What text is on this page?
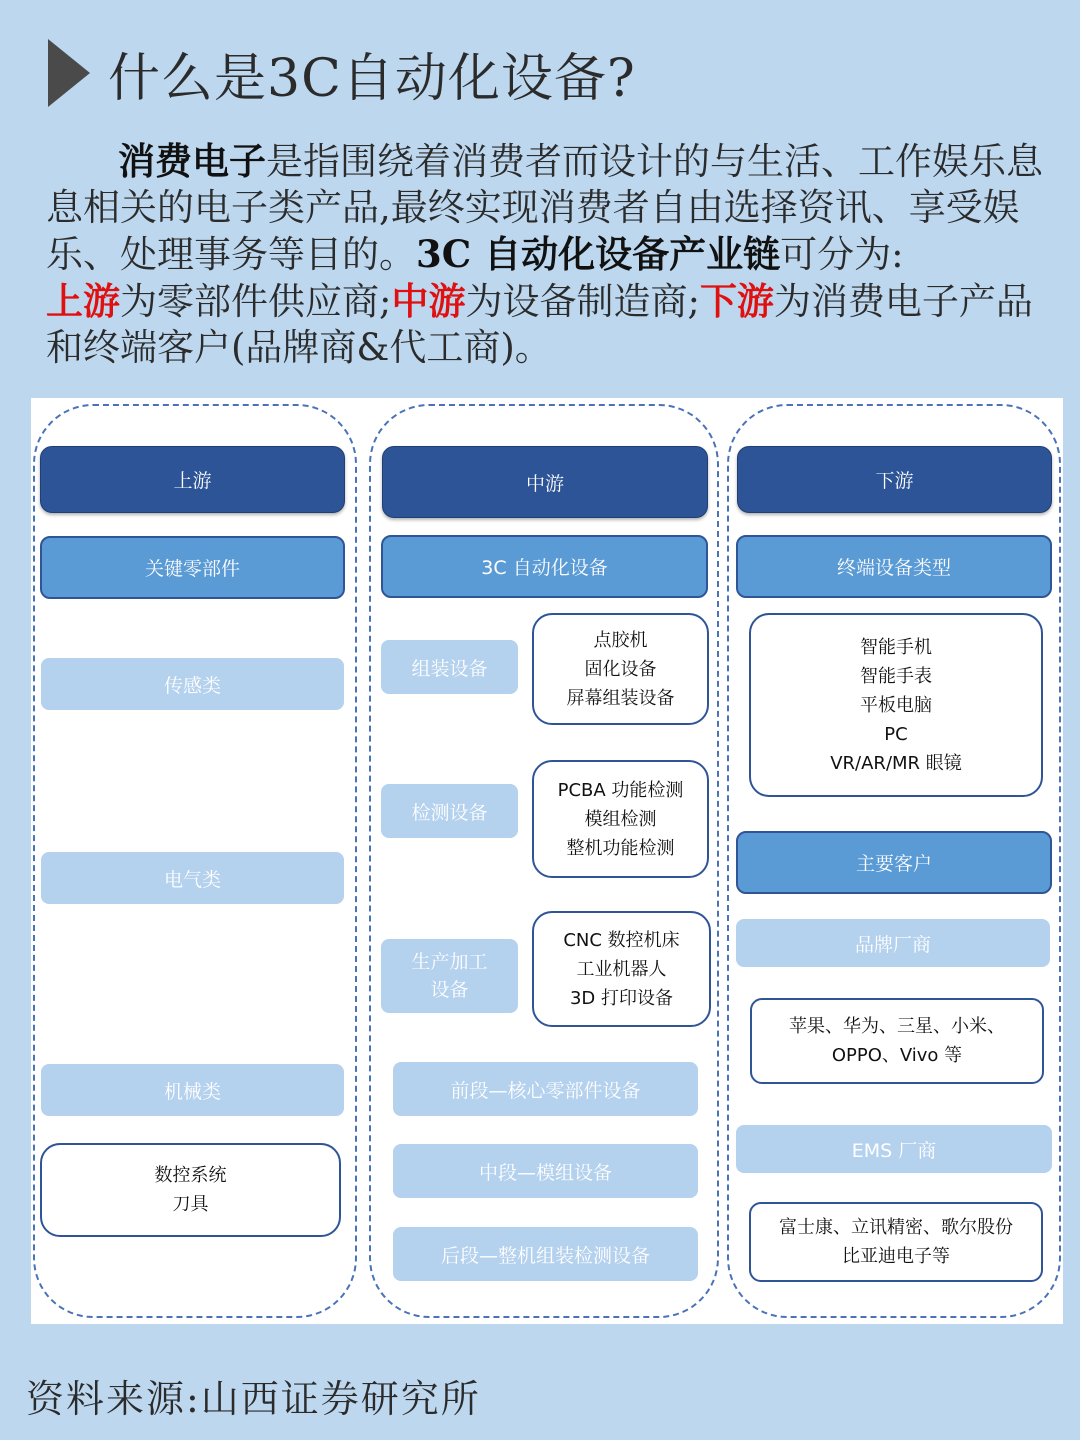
什么是3C自动化设备?
消费电子是指围绕着消费者而设计的与生活、工作娱乐息息相关的电子类产品,最终实现消费者自由选择资讯、享受娱乐、处理事务等目的。3C 自动化设备产业链可分为:
上游为零部件供应商;中游为设备制造商;下游为消费电子产品和终端客户(品牌商&代工商)。
上游
关键零部件
传感类
电气类
机械类
数控系统
刀具
中游
3C 自动化设备
组装设备
点胶机
固化设备
屏幕组装设备
检测设备
PCBA 功能检测
模组检测
整机功能检测
生产加工设备
CNC 数控机床
工业机器人
3D 打印设备
前段—核心零部件设备
中段—模组设备
后段—整机组装检测设备
下游
终端设备类型
智能手机
智能手表
平板电脑
PC
VR/AR/MR 眼镜
主要客户
品牌厂商
苹果、华为、三星、小米、
OPPO、Vivo 等
EMS 厂商
富士康、立讯精密、歌尔股份
比亚迪电子等
资料来源:山西证券研究所
